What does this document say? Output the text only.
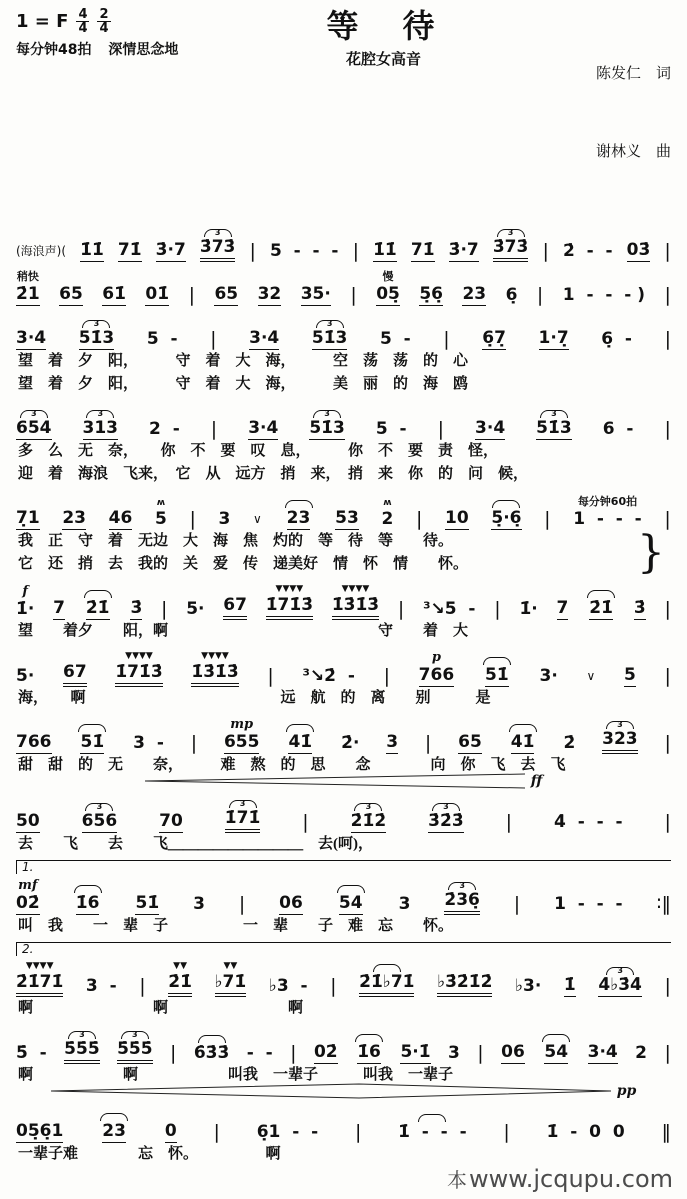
1 = F $\frac{4}{4} \frac{2}{4}$
每分钟48拍 深情思念地
等　待
花腔女高音

陈发仁　词

谢林义　曲

(海浪声)( 1̇1̇ 71̇ 3̇·7
3
3̇73̇ | 5  -  -  - | 1̇1̇ 71̇ 3̇·7
3
3̇73̇ | 2̇  -  - 03̇ |
稍快
2̇1 65 61̇ 01̇ | 65 32 35· |
慢
05̣ 5̣6̣ 23 6̣ | 1  -  -  - ) |
3·4
3
51̇3 5  - | 3·4
3
51̇3 5  - | 6̣7̣ 1·7̣ 6̣  - |
望　着　夕　阳，　　　守　着　大　海，　　　空　荡　荡　的　心
望　着　夕　阳，　　　守　着　大　海，　　　美　丽　的　海　鸥
3
654
3
313 2  - | 3·4
3
51̇3 5  - | 3·4
3
51̇3 6  - |
多　么　无　奈，　　你　不　要　叹　息，　　　你　不　要　责　怪，
迎　着　海浪　飞来，　它　从　远方　捎　来，　捎　来　你　的　问　候，
7̣1 23 46
ʍ
5 | 3 ∨ 23 53
ʍ
2 | 10 5̣·6̣ |
每分钟60拍
1  -  -  - |
我　正　守　着　无边　大　海　焦　灼的　等　待　等　　待。
它　还　捎　去　我的　关　爱　传　递美好　情　怀　情　　怀。	}
f
1̇· 7 2̇1̇ 3̇ | 5· 67
▼▼▼▼
1̇71̇3̇
▼▼▼▼
1̇3̇1̇3̇ | ³↘5  - | 1̇· 7 2̇1̇ 3̇ |
望　　着夕　　阳，啊　　　　　　　　　　　　　　守　　着　大
5· 67
▼▼▼▼
1̇71̇3̇
▼▼▼▼
1̇3̇1̇3̇ | ³↘2̇  - |
p
766 51̇ 3· ∨ 5 |
海，　　啊　　　　　　　　　　　　　远　航　的　离　　别　　　是
766 51̇ 3  - |
mp
655 41̇ 2̇· 3 | 65 41̇ 2̇
3
323 |
甜　甜　的　无　　奈，　　　难　熬　的　思　　念　　　　向　你　飞　去　飞
ff
50
3
656 70
3
1̇71̇ |
3
2̇1̇2̇
3
3̇2̇3̇ | 4̇  -  -  - |
去　　飞　　去　　飞＿＿＿＿＿＿＿＿＿　去(呵)，
1.
mf
02̇ 1̇6 51̇ 3 | 06 54 3
3
2̇36̣ | 1  -  -  - ∶‖
叫　我　　一　辈　子　　　　　一　辈　　子　难　忘　　怀。
2.
▼▼▼▼
2̇1̇71̇ 3  - |
▼▼
2̇1̇
▼▼
♭71̇ ♭3  - | 2̇1̇♭71̇ ♭3̇2̇1̇2̇ ♭3· 1̇
3
4̇♭3̇4̇ |
啊　　　　　　　　啊　　　　　　　　啊
5̇  -
3
5̇5̇5̇
3
5̇5̇5̇ | 6̇3̇3̇ -  - | 02̇ 1̇6 5·1̇ 3 | 06 54 3·4 2 |
啊　　　　　　啊　　　　　　叫我　一辈子　　　叫我　一辈子
pp
05̣6̣1 23 0 | 6̣1  -  - | 1̇  -  -  - | 1̇  -  0  0 ‖
一辈子难　　　　忘　怀。　　　　　啊
本 www.jcqupu.com
